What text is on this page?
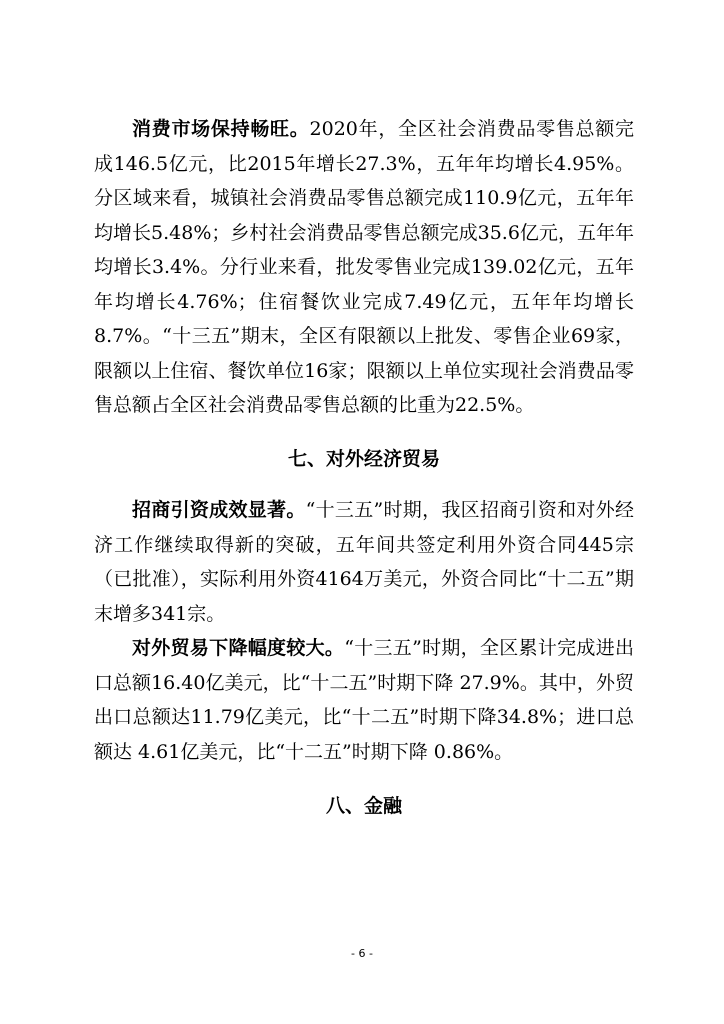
消费市场保持畅旺。2020年，全区社会消费品零售总额完成146.5亿元，比2015年增长27.3%，五年年均增长4.95%。分区域来看，城镇社会消费品零售总额完成110.9亿元，五年年均增长5.48%；乡村社会消费品零售总额完成35.6亿元，五年年均增长3.4%。分行业来看，批发零售业完成139.02亿元，五年年均增长4.76%；住宿餐饮业完成7.49亿元，五年年均增长8.7%。“十三五”期末，全区有限额以上批发、零售企业69家，限额以上住宿、餐饮单位16家；限额以上单位实现社会消费品零售总额占全区社会消费品零售总额的比重为22.5%。

七、对外经济贸易

招商引资成效显著。“十三五”时期，我区招商引资和对外经济工作继续取得新的突破，五年间共签定利用外资合同445宗（已批准），实际利用外资4164万美元，外资合同比“十二五”期末增多341宗。

对外贸易下降幅度较大。“十三五”时期，全区累计完成进出口总额16.40亿美元，比“十二五”时期下降 27.9%。其中，外贸出口总额达11.79亿美元，比“十二五”时期下降34.8%；进口总额达 4.61亿美元，比“十二五”时期下降 0.86%。

八、金融
- 6 -
